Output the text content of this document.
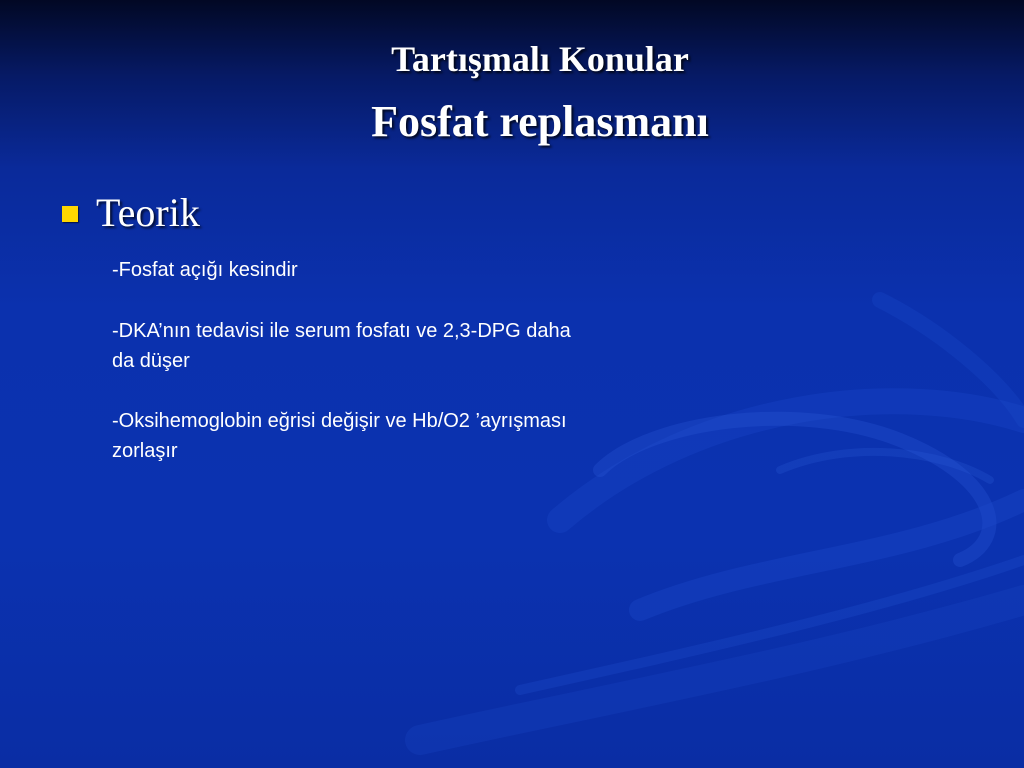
Tartışmalı Konular
Fosfat replasmanı
Teorik
-Fosfat açığı kesindir
-DKA’nın tedavisi ile serum fosfatı ve 2,3-DPG daha da düşer
-Oksihemoglobin eğrisi değişir ve Hb/O2 ’ayrışması zorlaşır
